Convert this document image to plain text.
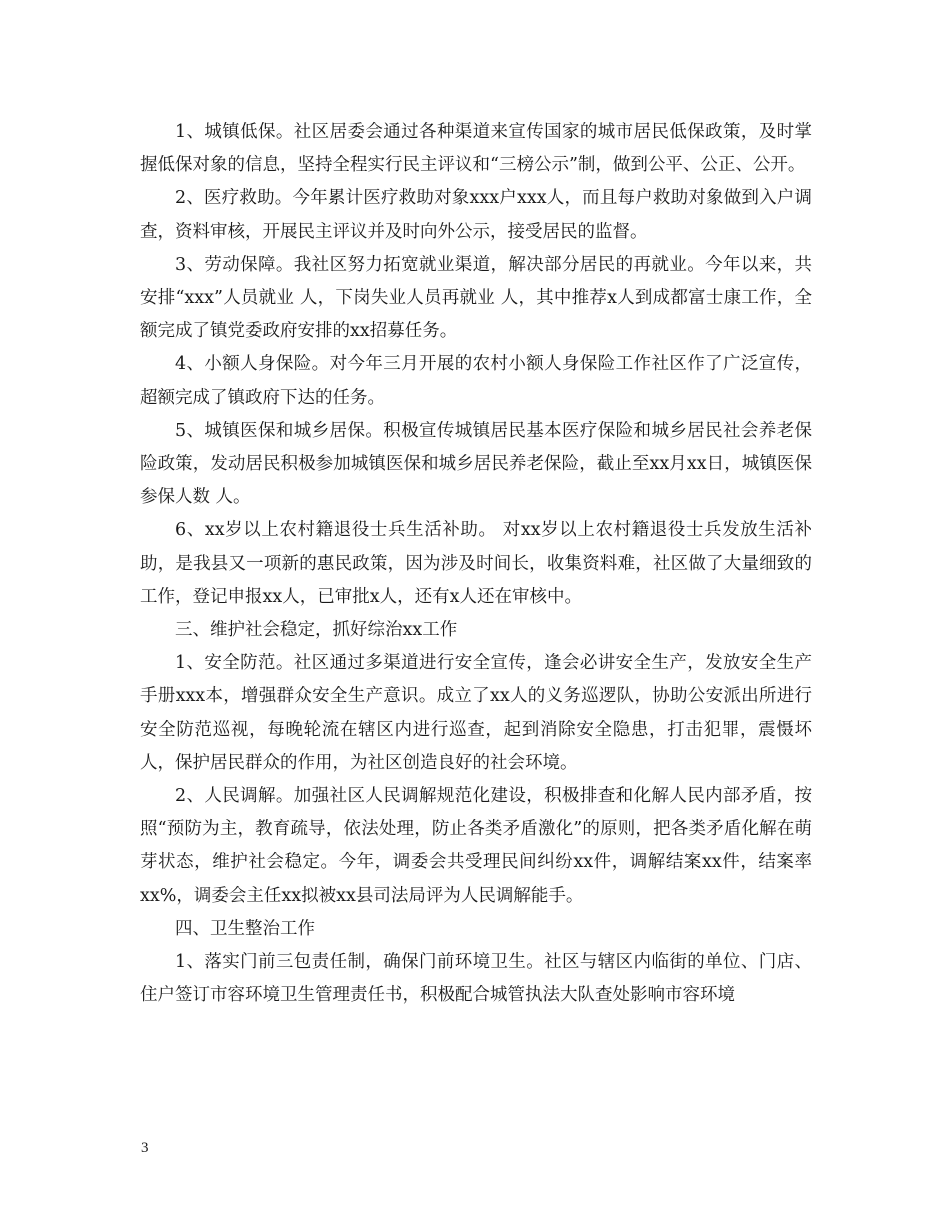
1、城镇低保。社区居委会通过各种渠道来宣传国家的城市居民低保政策，及时掌握低保对象的信息，坚持全程实行民主评议和“三榜公示”制，做到公平、公正、公开。

2、医疗救助。今年累计医疗救助对象xxx户xxx人，而且每户救助对象做到入户调查，资料审核，开展民主评议并及时向外公示，接受居民的监督。

3、劳动保障。我社区努力拓宽就业渠道，解决部分居民的再就业。今年以来，共安排“xxx”人员就业 人，下岗失业人员再就业 人，其中推荐x人到成都富士康工作，全额完成了镇党委政府安排的xx招募任务。

4、小额人身保险。对今年三月开展的农村小额人身保险工作社区作了广泛宣传，超额完成了镇政府下达的任务。

5、城镇医保和城乡居保。积极宣传城镇居民基本医疗保险和城乡居民社会养老保险政策，发动居民积极参加城镇医保和城乡居民养老保险，截止至xx月xx日，城镇医保参保人数 人。

6、xx岁以上农村籍退役士兵生活补助。 对xx岁以上农村籍退役士兵发放生活补助，是我县又一项新的惠民政策，因为涉及时间长，收集资料难，社区做了大量细致的工作，登记申报xx人，已审批x人，还有x人还在审核中。

三、维护社会稳定，抓好综治xx工作

1、安全防范。社区通过多渠道进行安全宣传，逢会必讲安全生产，发放安全生产手册xxx本，增强群众安全生产意识。成立了xx人的义务巡逻队，协助公安派出所进行安全防范巡视，每晚轮流在辖区内进行巡查，起到消除安全隐患，打击犯罪，震慑坏人，保护居民群众的作用，为社区创造良好的社会环境。

2、人民调解。加强社区人民调解规范化建设，积极排查和化解人民内部矛盾，按照“预防为主，教育疏导，依法处理，防止各类矛盾激化”的原则，把各类矛盾化解在萌芽状态，维护社会稳定。今年，调委会共受理民间纠纷xx件，调解结案xx件，结案率xx%，调委会主任xx拟被xx县司法局评为人民调解能手。

四、卫生整治工作

1、落实门前三包责任制，确保门前环境卫生。社区与辖区内临街的单位、门店、住户签订市容环境卫生管理责任书，积极配合城管执法大队查处影响市容环境

3
